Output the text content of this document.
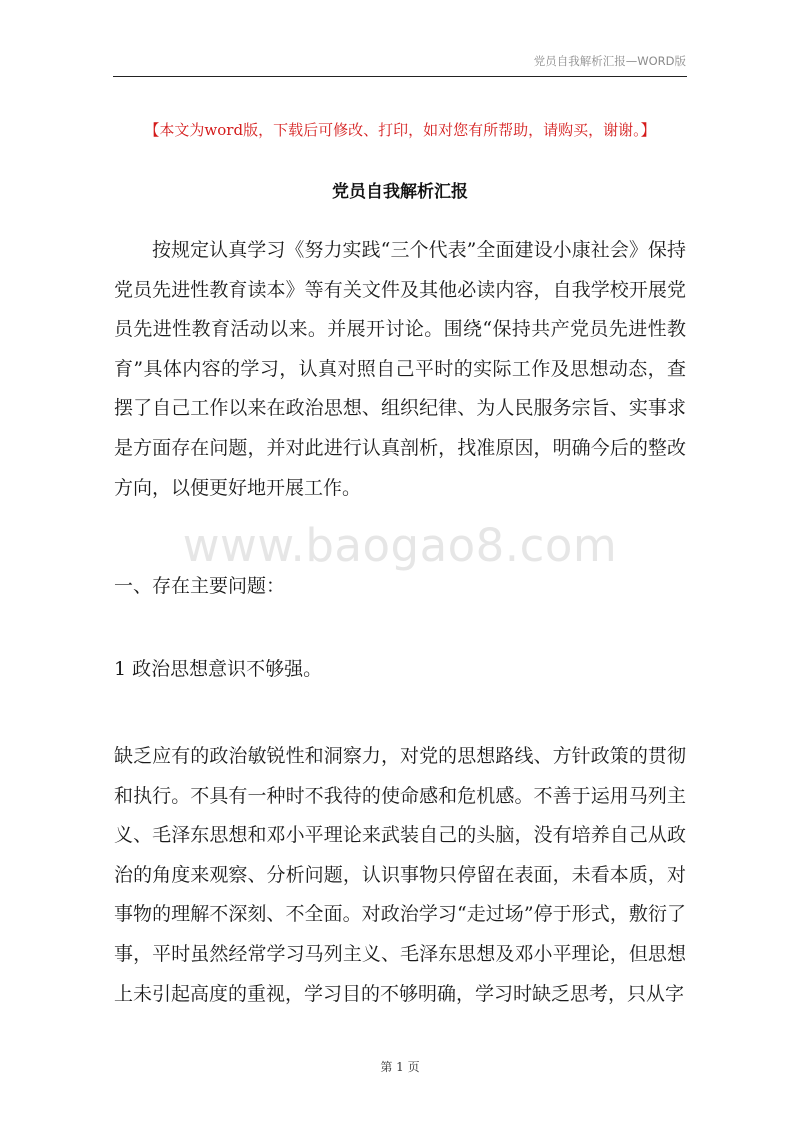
党员自我解析汇报—WORD版
【本文为word版，下载后可修改、打印，如对您有所帮助，请购买，谢谢。】
党员自我解析汇报
按规定认真学习《努力实践“三个代表”全面建设小康社会》保持党员先进性教育读本》等有关文件及其他必读内容，自我学校开展党员先进性教育活动以来。并展开讨论。围绕“保持共产党员先进性教育”具体内容的学习，认真对照自己平时的实际工作及思想动态，查摆了自己工作以来在政治思想、组织纪律、为人民服务宗旨、实事求是方面存在问题，并对此进行认真剖析，找准原因，明确今后的整改方向，以便更好地开展工作。
www.baogao8.com
一、存在主要问题：
1 政治思想意识不够强。
缺乏应有的政治敏锐性和洞察力，对党的思想路线、方针政策的贯彻和执行。不具有一种时不我待的使命感和危机感。不善于运用马列主义、毛泽东思想和邓小平理论来武装自己的头脑，没有培养自己从政治的角度来观察、分析问题，认识事物只停留在表面，未看本质，对事物的理解不深刻、不全面。对政治学习“走过场”停于形式，敷衍了事，平时虽然经常学习马列主义、毛泽东思想及邓小平理论，但思想上未引起高度的重视，学习目的不够明确，学习时缺乏思考，只从字
第 1 页
